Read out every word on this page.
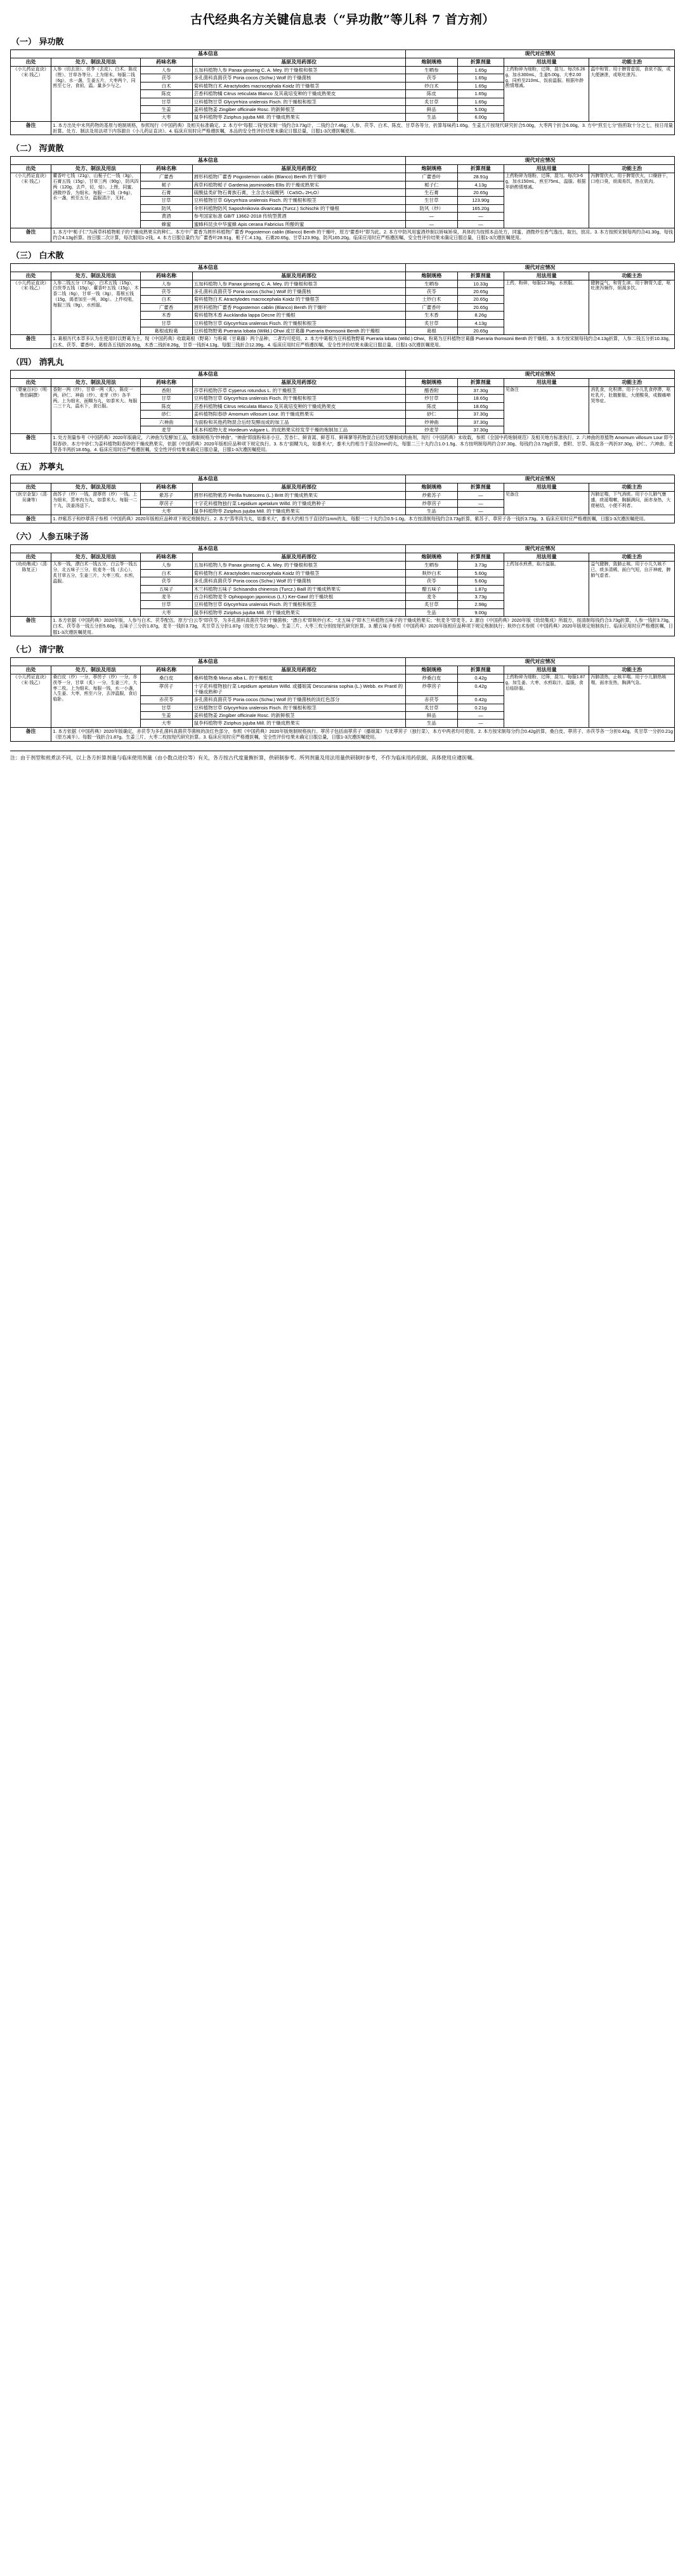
古代经典名方关键信息表（“异功散”等儿科 7 首方剂）
（一） 异功散
基本信息				现代对应情况			
出处	处方、制法及用法	药味名称	基原及用药部位	炮制规格	折算剂量	用法用量	功能主治
《小儿药证直诀》（宋·钱乙）	人参（切去顶）、茯苓（去皮）、白术、陈皮（锉）、甘草各等分。上为细末。每服二钱（6g），水一盏，生姜五片，大枣两个，同煎至七分，食前，温。量多少与之。	人参	五加科植物人参 Panax ginseng C. A. Mey. 的干燥根和根茎	生晒参	1.65g	上药粉碎为细粉，过筛，混匀。每次6.26g，加水300mL，生姜5.00g、大枣2.00g，同煎至210mL，饭前温服。根据年龄酌情增减。	温中和胃。用于脾胃虚弱，食欲不振，或大便溏泄，或呕吐泄泻。
		茯苓	多孔菌科真菌茯苓 Poria cocos (Schw.) Wolf 的干燥菌核	茯苓	1.65g		
		白术	菊科植物白术 Atractylodes macrocephala Koidz 的干燥根茎	炒白术	1.65g		
		陈皮	芸香科植物橘 Citrus reticulata Blanco 及其栽培变种的干燥成熟果皮	陈皮	1.65g		
		甘草	豆科植物甘草 Glycyrrhiza uralensis Fisch. 的干燥根和根茎	炙甘草	1.65g		
		生姜	姜科植物姜 Zingiber officinale Rosc. 的新鲜根茎	鲜品	5.00g		
		大枣	鼠李科植物枣 Ziziphus jujuba Mill. 的干燥成熟果实	生品	6.00g		
备注	1. 本方出处中未列药物的基原与炮制规格，参照现行《中国药典》及相关标准确定。2. 本方中“每服二钱”按宋制一钱约合3.73g计，二钱约合7.46g；人参、茯苓、白术、陈皮、甘草各等分，折算每味药1.65g。生姜五片按现代研究折合5.00g，大枣两个折合6.00g。3. 方中“煎至七分”指煎取十分之七，按日用量折算。处方、制法及用法项下内容源自《小儿药证直诀》。4. 临床应用时应严格遵医嘱，本品的安全性评价结果未确定日服总量，日服1-3次遵医嘱使用。						
（二） 泻黄散
基本信息				现代对应情况			
出处	处方、制法及用法	药味名称	基原及用药部位	炮制规格	折算剂量	用法用量	功能主治
《小儿药证直诀》（宋·钱乙）	藿香叶七钱（21g），山栀子仁一钱（3g），石膏五钱（15g），甘草三两（90g），防风四两（120g，去芦，切，焙）。上锉，同蜜、酒微炒香，为细末。每服一二钱（3-6g），水一盏，煎至五分，温服清汁，无时。	广藿香	唇形科植物广藿香 Pogostemon cablin (Blanco) Benth 的干燥叶	广藿香叶	28.91g	上药粉碎为细粉，过筛，混匀。每次3-6g，加水150mL，煎至75mL，温服。根据年龄酌情增减。	泻脾胃伏火。用于脾胃伏火，口燥唇干，口疮口臭，烦渴易饥，热在肌肉。
		栀子	茜草科植物栀子 Gardenia jasminoides Ellis 的干燥成熟果实	栀子仁	4.13g		
		石膏	硫酸盐类矿物石膏族石膏，主含含水硫酸钙（CaSO₄·2H₂O）	生石膏	20.65g		
		甘草	豆科植物甘草 Glycyrrhiza uralensis Fisch. 的干燥根和根茎	生甘草	123.90g		
		防风	伞形科植物防风 Saposhnikovia divaricata (Turcz.) Schischk 的干燥根	防风（炒）	165.20g		
		黄酒	参考国家标准 GB/T 13662-2018 传统型黄酒	—	—		
		蜂蜜	蜜蜂科昆虫中华蜜蜂 Apis cerana Fabricius 所酿的蜜	—	—		
备注	1. 本方中“栀子仁”为茜草科植物栀子的干燥成熟果实的种仁。本方中广藿香为唇形科植物广藿香 Pogostemon cablin (Blanco) Benth 的干燥叶，原方“藿香叶”即为此。2. 本方中防风用蜜酒炒制以矫味矫臭，具体的为按照本品处方，同蜜、酒微炒至香气逸出，取出，放凉。3. 本方按照宋制每两约合41.30g、每钱约合4.13g折算。按日服二次计算，每次服用1-2钱。4. 本方日服总量约为广藿香叶28.91g、栀子仁4.13g、石膏20.65g、甘草123.90g、防风165.20g。临床应用时应严格遵医嘱，安全性评价结果未确定日服总量，日服1-3次遵医嘱使用。						
（三） 白术散
基本信息				现代对应情况			
出处	处方、制法及用法	药味名称	基原及用药部位	炮制规格	折算剂量	用法用量	功能主治
《小儿药证直诀》（宋·钱乙）	人参二钱五分（7.5g），白术五钱（15g），白茯苓五钱（15g），藿香叶五钱（15g），木香二钱（6g），甘草一钱（3g），葛根五钱（15g，渴者加至一两，30g）。上件咬咀，每服三钱（9g），水煎服。	人参	五加科植物人参 Panax ginseng C. A. Mey. 的干燥根和根茎	生晒参	10.33g	上药，粉碎，每服12.39g，水煎服。	健脾益气，和胃生津。用于脾胃久虚，呕吐泄泻频作，烦渴多饮。
		茯苓	多孔菌科真菌茯苓 Poria cocos (Schw.) Wolf 的干燥菌核	茯苓	20.65g		
		白术	菊科植物白术 Atractylodes macrocephala Koidz 的干燥根茎	土炒白术	20.65g		
		广藿香	唇形科植物广藿香 Pogostemon cablin (Blanco) Benth 的干燥叶	广藿香叶	20.65g		
		木香	菊科植物木香 Aucklandia lappa Decne 的干燥根	生木香	8.26g		
		甘草	豆科植物甘草 Glycyrrhiza uralensis Fisch. 的干燥根和根茎	炙甘草	4.13g		
		葛根或粉葛	豆科植物野葛 Pueraria lobata (Willd.) Ohwi 或甘葛藤 Pueraria thomsonii Benth 的干燥根	葛根	20.65g		
备注	1. 葛根历代本草多认为在使用时以野葛为主，现《中国药典》收载葛根（野葛）与粉葛（甘葛藤）两个品种，二者均可使用。2. 本方中葛根为豆科植物野葛 Pueraria lobata (Willd.) Ohwi，粉葛为豆科植物甘葛藤 Pueraria thomsonii Benth 的干燥根。3. 本方按宋制每钱约合4.13g折算，人参二钱五分折10.33g，白术、茯苓、藿香叶、葛根各五钱折20.65g，木香二钱折8.26g，甘草一钱折4.13g。每服三钱折合12.39g。4. 临床应用时应严格遵医嘱，安全性评价结果未确定日服总量，日服1-3次遵医嘱使用。						
（四） 消乳丸
基本信息				现代对应情况			
出处	处方、制法及用法	药味名称	基原及用药部位	炮制规格	折算剂量	用法用量	功能主治
《婴童百问》（明·鲁伯嗣撰）	香附一两（炒），甘草一两（炙），陈皮一两，砂仁、神曲（炒）、麦芽（炒）各半两。上为细末，面糊为丸，如黍米大。每服二三十丸，温水下，食后服。	香附	莎草科植物莎草 Cyperus rotundus L. 的干燥根茎	醋香附	37.30g	见备注	消乳食，化积滞。用于小儿乳食停滞，呕吐乳片，肚腹膨胀，大便酸臭，或腹痛啼哭等症。
		甘草	豆科植物甘草 Glycyrrhiza uralensis Fisch. 的干燥根和根茎	炒甘草	18.65g		
		陈皮	芸香科植物橘 Citrus reticulata Blanco 及其栽培变种的干燥成熟果皮	陈皮	18.65g		
		砂仁	姜科植物阳春砂 Amomum villosum Lour. 的干燥成熟果实	砂仁	37.30g		
		六神曲	为面粉和其他药物混合后经发酵而成的加工品	炒神曲	37.30g		
		麦芽	禾本科植物大麦 Hordeum vulgare L. 的成熟果实经发芽干燥的炮制加工品	炒麦芽	37.30g		
备注	1. 处方剂量参考《中国药典》2020年版确定，六神曲为发酵加工品，炮制规格为“炒神曲”。“神曲”即面粉和赤小豆、苦杏仁、鲜青蒿、鲜苍耳、鲜辣蓼等药物混合后经发酵制成的曲剂，现行《中国药典》未收载，参照《全国中药炮制规范》及相关地方标准执行。2. 六神曲的原植物 Amomum villosum Lour 即今阳春砂。本方中砂仁为姜科植物阳春砂的干燥成熟果实，依据《中国药典》2020年版相应品种项下规定执行。3. 本方“面糊为丸，如黍米大”，黍米大约相当于直径2mm的丸，每服二三十丸约合1.0-1.5g。本方按明制每两约合37.30g、每钱约合3.73g折算，香附、甘草、陈皮各一两折37.30g，砂仁、六神曲、麦芽各半两折18.65g。4. 临床应用时应严格遵医嘱，安全性评价结果未确定日服总量，日服1-3次遵医嘱使用。						
（五） 苏葶丸
基本信息				现代对应情况			
出处	处方、制法及用法	药味名称	基原及用药部位	炮制规格	折算剂量	用法用量	功能主治
《医宗金鉴》（清·吴谦等）	南苏子（炒）一钱，甜葶苈（炒）一钱。上为细末，蒸枣肉为丸，如黍米大。每服一二十丸，淡姜汤送下。	紫苏子	唇形科植物紫苏 Perilla frutescens (L.) Britt 的干燥成熟果实	炒紫苏子	—	见备注	泻肺定喘，下气消痰。用于小儿肺气壅盛，痰涎喘嗽，胸膈满闷，面赤身热，大便秘结，小便不利者。
		葶苈子	十字花科植物独行菜 Lepidium apetalum Willd. 的干燥成熟种子	炒葶苈子	—		
		大枣	鼠李科植物枣 Ziziphus jujuba Mill. 的干燥成熟果实	生品	—		
备注	1. 炒紫苏子和炒葶苈子参照《中国药典》2020年版相应品种项下规定炮制执行。2. 本方“蒸枣肉为丸，如黍米大”，黍米大约相当于直径约1mm的丸，每服一二十丸约合0.5-1.0g。本方按清制每钱约合3.73g折算，紫苏子、葶苈子各一钱折3.73g。3. 临床应用时应严格遵医嘱，日服1-3次遵医嘱使用。						
（六） 人参五味子汤
基本信息				现代对应情况			
出处	处方、制法及用法	药味名称	基原及用药部位	炮制规格	折算剂量	用法用量	功能主治
《幼幼集成》（清·陈复正）	人参一钱，漂白术一钱五分，白云苓一钱五分，北五味子三分，杭麦冬一钱（去心），炙甘草五分，生姜三片，大枣三枚。水煎，温服。	人参	五加科植物人参 Panax ginseng C. A. Mey. 的干燥根和根茎	生晒参	3.73g	上药加水煎煮，取汁温服。	益气健脾，敛肺止咳。用于小儿久咳不已，痰多清稀，面白气短，自汗神疲，脾肺气虚者。
		白术	菊科植物白术 Atractylodes macrocephala Koidz 的干燥根茎	麸炒白术	5.60g		
		茯苓	多孔菌科真菌茯苓 Poria cocos (Schw.) Wolf 的干燥菌核	茯苓	5.60g		
		五味子	木兰科植物五味子 Schisandra chinensis (Turcz.) Baill 的干燥成熟果实	醋五味子	1.87g		
		麦冬	百合科植物麦冬 Ophiopogon japonicus (L.f.) Ker-Gawl 的干燥块根	麦冬	3.73g		
		甘草	豆科植物甘草 Glycyrrhiza uralensis Fisch. 的干燥根和根茎	炙甘草	2.98g		
		大枣	鼠李科植物枣 Ziziphus jujuba Mill. 的干燥成熟果实	生品	9.00g		
备注	1. 本方依据《中国药典》2020年版，人参与白术、茯苓配伍。原方“白云苓”即茯苓，为多孔菌科真菌茯苓的干燥菌核；“漂白术”即麸炒白术；“北五味子”即木兰科植物五味子的干燥成熟果实；“杭麦冬”即麦冬。2. 源自《中国药典》2020年版《幼幼集成》所载方，按清制每钱约合3.73g折算，人参一钱折3.73g，白术、茯苓各一钱五分折5.60g，五味子三分折1.87g，麦冬一钱折3.73g，炙甘草五分折1.87g（按处方为2.98g）。生姜三片、大枣三枚分别按现代研究折算。3. 醋五味子参照《中国药典》2020年版相应品种项下规定炮制执行；麸炒白术参照《中国药典》2020年版规定炮制执行。临床应用时应严格遵医嘱，日服1-3次遵医嘱使用。						
（七） 清宁散
基本信息				现代对应情况			
出处	处方、制法及用法	药味名称	基原及用药部位	炮制规格	折算剂量	用法用量	功能主治
《小儿药证直诀》（宋·钱乙）	桑白皮（炒）一分，葶苈子（炒）一分，赤茯苓一分，甘草（炙）一分，生姜三片，大枣二枚。上为细末。每服一钱，水一小盏，入生姜、大枣，煎至六分，去滓温服，食后临卧。	桑白皮	桑科植物桑 Morus alba L. 的干燥根皮	炒桑白皮	0.42g	上药粉碎为细粉，过筛，混匀。每服1.87g，加生姜、大枣，水煎取汁，温服，食后临卧服。	泻肺清热，止咳平喘。用于小儿肺热咳喘，面赤发热，胸满气急。
		葶苈子	十字花科植物独行菜 Lepidium apetalum Willd. 或播娘蒿 Descurainia sophia (L.) Webb. ex Prantl 的干燥成熟种子	炒葶苈子	0.42g		
		赤茯苓	多孔菌科真菌茯苓 Poria cocos (Schw.) Wolf 的干燥菌核的淡红色部分	赤茯苓	0.42g		
		甘草	豆科植物甘草 Glycyrrhiza uralensis Fisch. 的干燥根和根茎	炙甘草	0.21g		
		生姜	姜科植物姜 Zingiber officinale Rosc. 的新鲜根茎	鲜品	—		
		大枣	鼠李科植物枣 Ziziphus jujuba Mill. 的干燥成熟果实	生品	—		
备注	1. 本方依据《中国药典》2020年版确定，赤茯苓为多孔菌科真菌茯苓菌核的淡红色部分，参照《中国药典》2020年版炮制规格执行。葶苈子包括南葶苈子（播娘蒿）与北葶苈子（独行菜），本方中两者均可使用。2. 本方按宋制每分约合0.42g折算，桑白皮、葶苈子、赤茯苓各一分折0.42g，炙甘草一分折0.21g（原方减半）。每服一钱折合1.87g。生姜三片、大枣二枚按现代研究折算。3. 临床应用时应严格遵医嘱，安全性评价结果未确定日服总量，日服1-3次遵医嘱使用。						
注：由于剂型和煎煮法不同，以上各方折算剂量与临床使用剂量（由小数点进位等）有关，各方按古代度量衡折算，供研制参考。所列剂量及用法用量供研制时参考，不作为临床用药依据，具体使用应遵医嘱。
